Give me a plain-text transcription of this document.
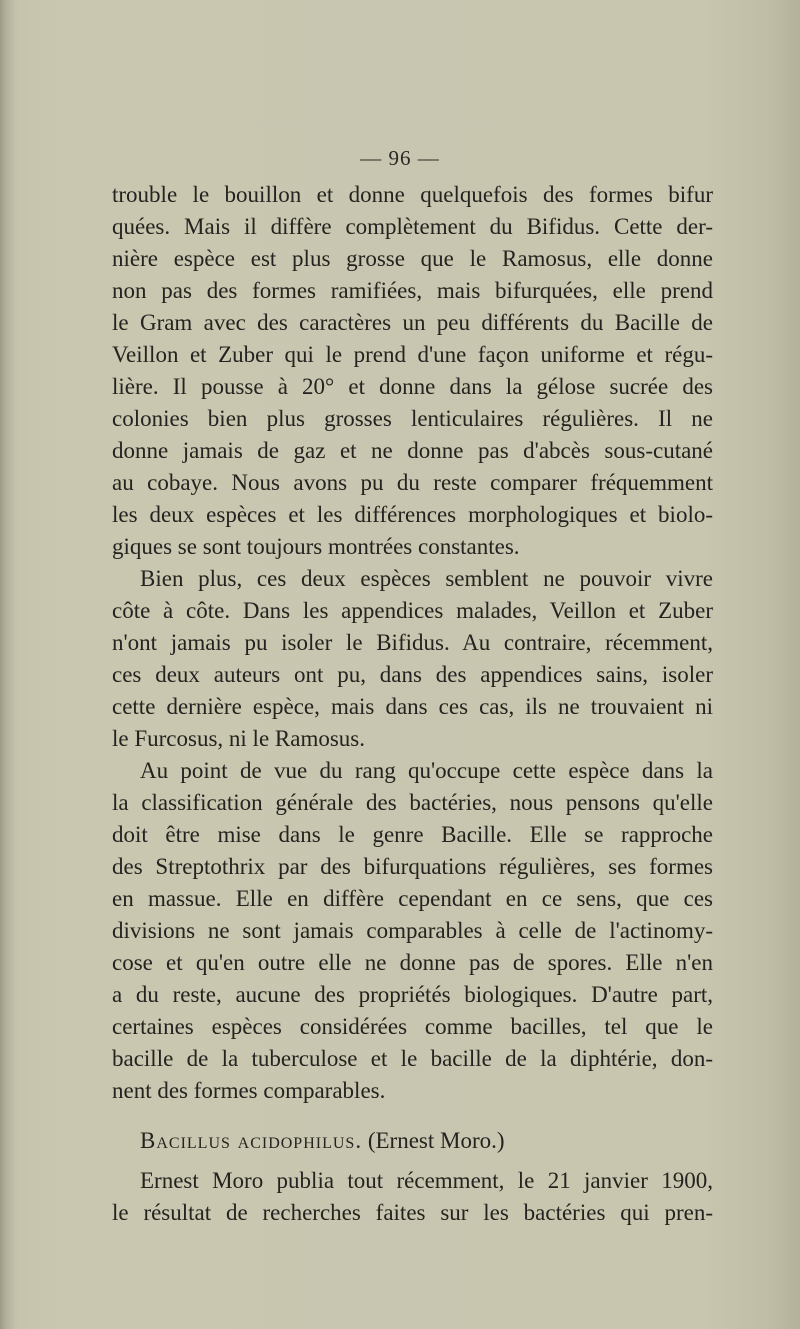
— 96 —
trouble le bouillon et donne quelquefois des formes bifur
quées. Mais il diffère complètement du Bifidus. Cette der-
nière espèce est plus grosse que le Ramosus, elle donne
non pas des formes ramifiées, mais bifurquées, elle prend
le Gram avec des caractères un peu différents du Bacille de
Veillon et Zuber qui le prend d'une façon uniforme et régu-
lière. Il pousse à 20° et donne dans la gélose sucrée des
colonies bien plus grosses lenticulaires régulières. Il ne
donne jamais de gaz et ne donne pas d'abcès sous-cutané
au cobaye. Nous avons pu du reste comparer fréquemment
les deux espèces et les différences morphologiques et biolo-
giques se sont toujours montrées constantes.
Bien plus, ces deux espèces semblent ne pouvoir vivre
côte à côte. Dans les appendices malades, Veillon et Zuber
n'ont jamais pu isoler le Bifidus. Au contraire, récemment,
ces deux auteurs ont pu, dans des appendices sains, isoler
cette dernière espèce, mais dans ces cas, ils ne trouvaient ni
le Furcosus, ni le Ramosus.
Au point de vue du rang qu'occupe cette espèce dans la
la classification générale des bactéries, nous pensons qu'elle
doit être mise dans le genre Bacille. Elle se rapproche
des Streptothrix par des bifurquations régulières, ses formes
en massue. Elle en diffère cependant en ce sens, que ces
divisions ne sont jamais comparables à celle de l'actinomy-
cose et qu'en outre elle ne donne pas de spores. Elle n'en
a du reste, aucune des propriétés biologiques. D'autre part,
certaines espèces considérées comme bacilles, tel que le
bacille de la tuberculose et le bacille de la diphtérie, don-
nent des formes comparables.
Bacillus acidophilus. (Ernest Moro.)
Ernest Moro publia tout récemment, le 21 janvier 1900,
le résultat de recherches faites sur les bactéries qui pren-
